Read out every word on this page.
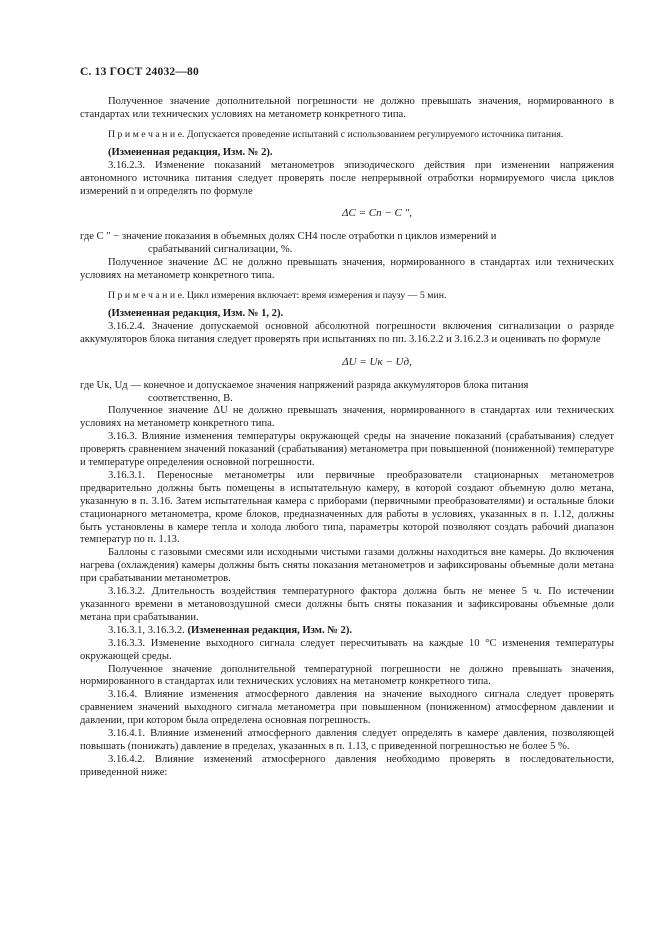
С. 13 ГОСТ 24032—80

Полученное значение дополнительной погрешности не должно превышать значения, нормированного в стандартах или технических условиях на метанометр конкретного типа.

П р и м е ч а н и е. Допускается проведение испытаний с использованием регулируемого источника питания.

(Измененная редакция, Изм. № 2).

3.16.2.3. Изменение показаний метанометров эпизодического действия при изменении напряжения автономного источника питания следует проверять после непрерывной отработки нормируемого числа циклов измерений n и определять по формуле

ΔC = Cn − C ″,

где C ″ − значение показания в объемных долях CH4 после отработки n циклов измерений и

срабатываний сигнализации, %.

Полученное значение ΔC не должно превышать значения, нормированного в стандартах или технических условиях на метанометр конкретного типа.

П р и м е ч а н и е. Цикл измерения включает: время измерения и паузу — 5 мин.

(Измененная редакция, Изм. № 1, 2).

3.16.2.4. Значение допускаемой основной абсолютной погрешности включения сигнализации о разряде аккумуляторов блока питания следует проверять при испытаниях по пп. 3.16.2.2 и 3.16.2.3 и оценивать по формуле

ΔU = Uк − Uд,

где Uк, Uд — конечное и допускаемое значения напряжений разряда аккумуляторов блока питания

соответственно, В.

Полученное значение ΔU не должно превышать значения, нормированного в стандартах или технических условиях на метанометр конкретного типа.

3.16.3. Влияние изменения температуры окружающей среды на значение показаний (срабатывания) следует проверять сравнением значений показаний (срабатывания) метанометра при повышенной (пониженной) температуре и температуре определения основной погрешности.

3.16.3.1. Переносные метанометры или первичные преобразователи стационарных метанометров предварительно должны быть помещены в испытательную камеру, в которой создают объемную долю метана, указанную в п. 3.16. Затем испытательная камера с приборами (первичными преобразователями) и остальные блоки стационарного метанометра, кроме блоков, предназначенных для работы в условиях, указанных в п. 1.12, должны быть установлены в камере тепла и холода любого типа, параметры которой позволяют создать рабочий диапазон температур по п. 1.13.

Баллоны с газовыми смесями или исходными чистыми газами должны находиться вне камеры. До включения нагрева (охлаждения) камеры должны быть сняты показания метанометров и зафиксированы объемные доли метана при срабатывании метанометров.

3.16.3.2. Длительность воздействия температурного фактора должна быть не менее 5 ч. По истечении указанного времени в метановоздушной смеси должны быть сняты показания и зафиксированы объемные доли метана при срабатывании.

3.16.3.1, 3.16.3.2. (Измененная редакция, Изм. № 2).

3.16.3.3. Изменение выходного сигнала следует пересчитывать на каждые 10 °С изменения температуры окружающей среды.

Полученное значение дополнительной температурной погрешности не должно превышать значения, нормированного в стандартах или технических условиях на метанометр конкретного типа.

3.16.4. Влияние изменения атмосферного давления на значение выходного сигнала следует проверять сравнением значений выходного сигнала метанометра при повышенном (пониженном) атмосферном давлении и давлении, при котором была определена основная погрешность.

3.16.4.1. Влияние изменений атмосферного давления следует определять в камере давления, позволяющей повышать (понижать) давление в пределах, указанных в п. 1.13, с приведенной погрешностью не более 5 %.

3.16.4.2. Влияние изменений атмосферного давления необходимо проверять в последовательности, приведенной ниже:
